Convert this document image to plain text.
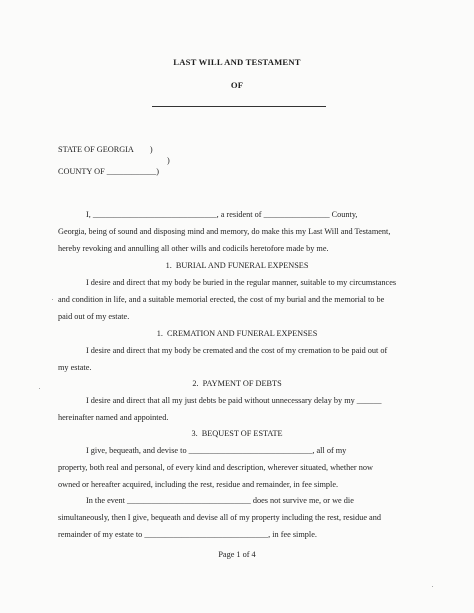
LAST WILL AND TESTAMENT
OF
STATE OF GEORGIA        )
)
COUNTY OF ____________)
I, ______________________________, a resident of ________________ County,
Georgia, being of sound and disposing mind and memory, do make this my Last Will and Testament,
hereby revoking and annulling all other wills and codicils heretofore made by me.
1.  BURIAL AND FUNERAL EXPENSES
I desire and direct that my body be buried in the regular manner, suitable to my circumstances
and condition in life, and a suitable memorial erected, the cost of my burial and the memorial to be
paid out of my estate.
1.  CREMATION AND FUNERAL EXPENSES
I desire and direct that my body be cremated and the cost of my cremation to be paid out of
my estate.
2.  PAYMENT OF DEBTS
I desire and direct that all my just debts be paid without unnecessary delay by my ______
hereinafter named and appointed.
3.  BEQUEST OF ESTATE
I give, bequeath, and devise to ______________________________, all of my
property, both real and personal, of every kind and description, wherever situated, whether now
owned or hereafter acquired, including the rest, residue and remainder, in fee simple.
In the event ______________________________ does not survive me, or we die
simultaneously, then I give, bequeath and devise all of my property including the rest, residue and
remainder of my estate to ______________________________, in fee simple.
Page 1 of 4
